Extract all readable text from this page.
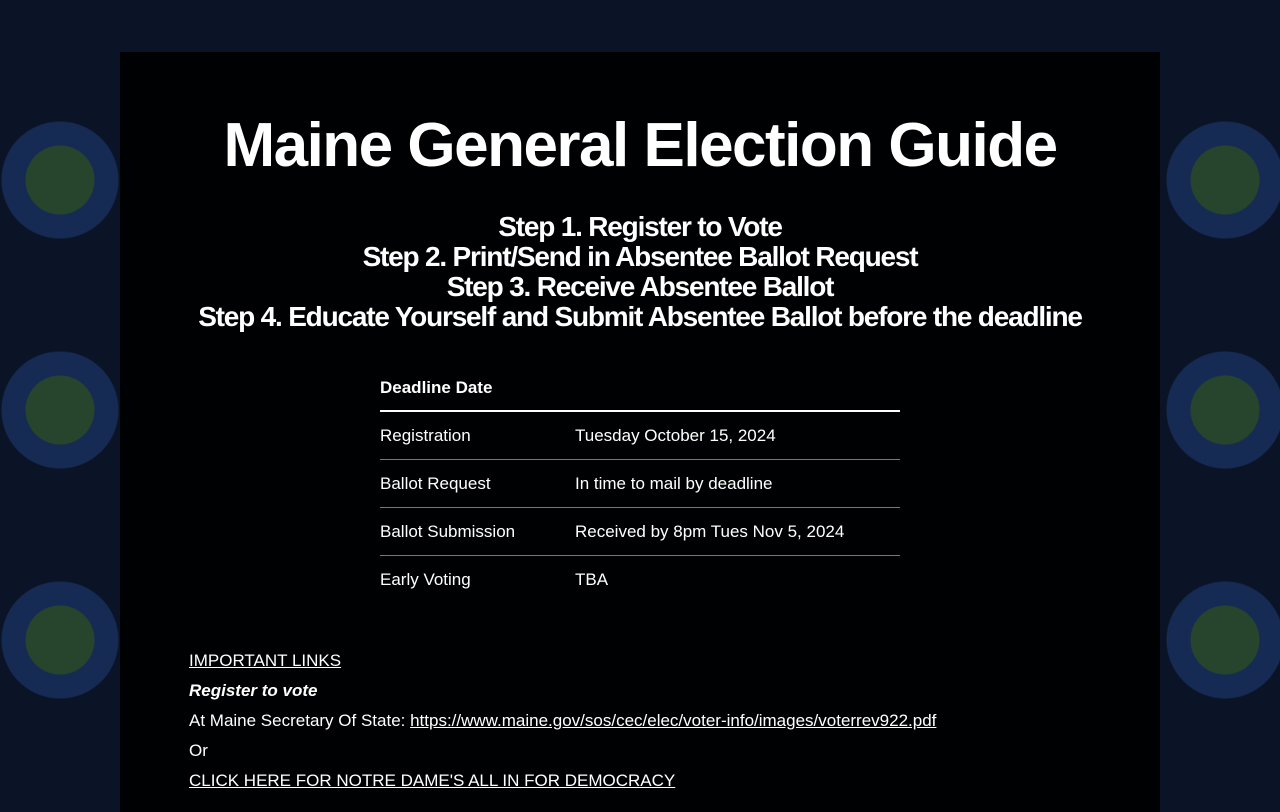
Maine General Election Guide

Step 1. Register to Vote

Step 2. Print/Send in Absentee Ballot Request

Step 3. Receive Absentee Ballot

Step 4. Educate Yourself and Submit Absentee Ballot before the deadline

Deadline Date	
Registration	Tuesday October 15, 2024
Ballot Request	In time to mail by deadline
Ballot Submission	Received by 8pm Tues Nov 5, 2024
Early Voting	TBA

IMPORTANT LINKS

Register to vote

At Maine Secretary Of State: https://www.maine.gov/sos/cec/elec/voter-info/images/voterrev922.pdf

Or

CLICK HERE FOR NOTRE DAME'S ALL IN FOR DEMOCRACY
